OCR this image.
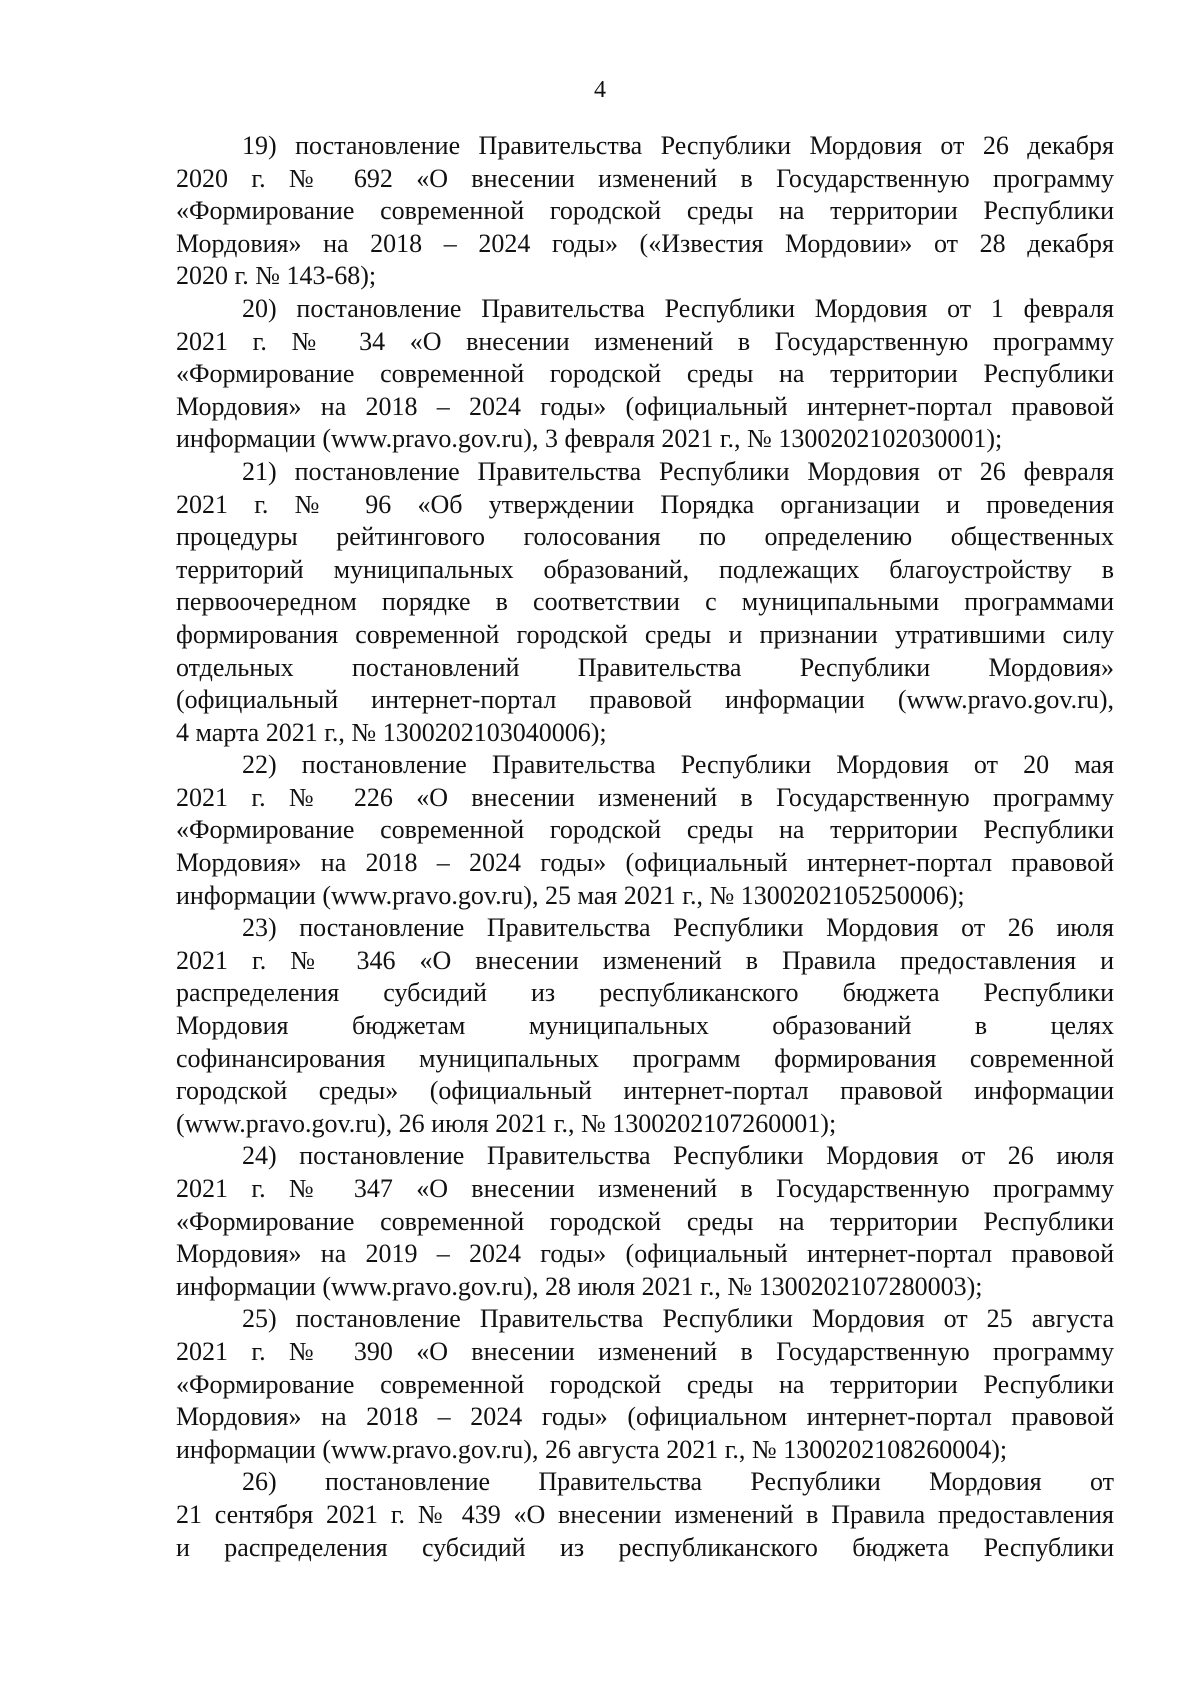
4
19) постановление Правительства Республики Мордовия от 26 декабря
2020 г. № 692 «О внесении изменений в Государственную программу
«Формирование современной городской среды на территории Республики
Мордовия» на 2018 – 2024 годы» («Известия Мордовии» от 28 декабря
2020 г. № 143-68);
20) постановление Правительства Республики Мордовия от 1 февраля
2021 г. № 34 «О внесении изменений в Государственную программу
«Формирование современной городской среды на территории Республики
Мордовия» на 2018 – 2024 годы» (официальный интернет-портал правовой
информации (www.pravo.gov.ru), 3 февраля 2021 г., № 1300202102030001);
21) постановление Правительства Республики Мордовия от 26 февраля
2021 г. № 96 «Об утверждении Порядка организации и проведения
процедуры рейтингового голосования по определению общественных
территорий муниципальных образований, подлежащих благоустройству в
первоочередном порядке в соответствии с муниципальными программами
формирования современной городской среды и признании утратившими силу
отдельных постановлений Правительства Республики Мордовия»
(официальный интернет-портал правовой информации (www.pravo.gov.ru),
4 марта 2021 г., № 1300202103040006);
22) постановление Правительства Республики Мордовия от 20 мая
2021 г. № 226 «О внесении изменений в Государственную программу
«Формирование современной городской среды на территории Республики
Мордовия» на 2018 – 2024 годы» (официальный интернет-портал правовой
информации (www.pravo.gov.ru), 25 мая 2021 г., № 1300202105250006);
23) постановление Правительства Республики Мордовия от 26 июля
2021 г. № 346 «О внесении изменений в Правила предоставления и
распределения субсидий из республиканского бюджета Республики
Мордовия бюджетам муниципальных образований в целях
софинансирования муниципальных программ формирования современной
городской среды» (официальный интернет-портал правовой информации
(www.pravo.gov.ru), 26 июля 2021 г., № 1300202107260001);
24) постановление Правительства Республики Мордовия от 26 июля
2021 г. № 347 «О внесении изменений в Государственную программу
«Формирование современной городской среды на территории Республики
Мордовия» на 2019 – 2024 годы» (официальный интернет-портал правовой
информации (www.pravo.gov.ru), 28 июля 2021 г., № 1300202107280003);
25) постановление Правительства Республики Мордовия от 25 августа
2021 г. № 390 «О внесении изменений в Государственную программу
«Формирование современной городской среды на территории Республики
Мордовия» на 2018 – 2024 годы» (официальном интернет-портал правовой
информации (www.pravo.gov.ru), 26 августа 2021 г., № 1300202108260004);
26) постановление Правительства Республики Мордовия от
21 сентября 2021 г. № 439 «О внесении изменений в Правила предоставления
и распределения субсидий из республиканского бюджета Республики
